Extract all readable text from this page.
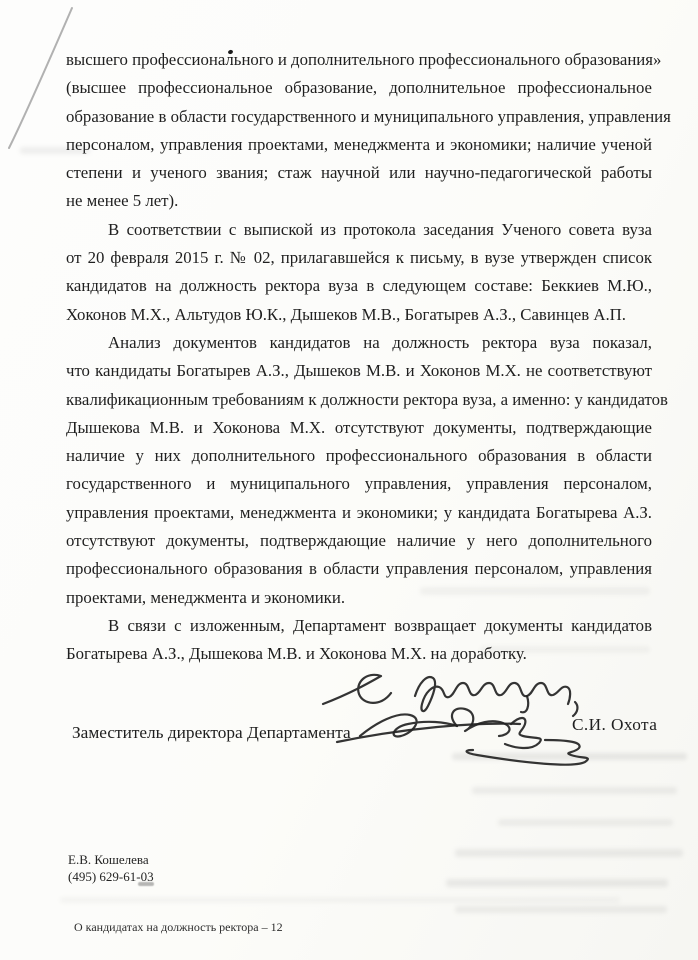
высшего профессионального и дополнительного профессионального образования»
(высшее профессиональное образование, дополнительное профессиональное
образование в области государственного и муниципального управления, управления
персоналом, управления проектами, менеджмента и экономики; наличие ученой
степени и ученого звания; стаж научной или научно-педагогической работы
не менее 5 лет).

В соответствии с выпиской из протокола заседания Ученого совета вуза
от 20 февраля 2015 г. № 02, прилагавшейся к письму, в вузе утвержден список
кандидатов на должность ректора вуза в следующем составе: Беккиев М.Ю.,
Хоконов М.Х., Альтудов Ю.К., Дышеков М.В., Богатырев А.З., Савинцев А.П.

Анализ документов кандидатов на должность ректора вуза показал,
что кандидаты Богатырев А.З., Дышеков М.В. и Хоконов М.Х. не соответствуют
квалификационным требованиям к должности ректора вуза, а именно: у кандидатов
Дышекова М.В. и Хоконова М.Х. отсутствуют документы, подтверждающие
наличие у них дополнительного профессионального образования в области
государственного и муниципального управления, управления персоналом,
управления проектами, менеджмента и экономики; у кандидата Богатырева А.З.
отсутствуют документы, подтверждающие наличие у него дополнительного
профессионального образования в области управления персоналом, управления
проектами, менеджмента и экономики.

В связи с изложенным, Департамент возвращает документы кандидатов
Богатырева А.З., Дышекова М.В. и Хоконова М.Х. на доработку.

Заместитель директора Департамента	С.И. Охота
Е.В. Кошелева
(495) 629-61-03
О кандидатах на должность ректора – 12
